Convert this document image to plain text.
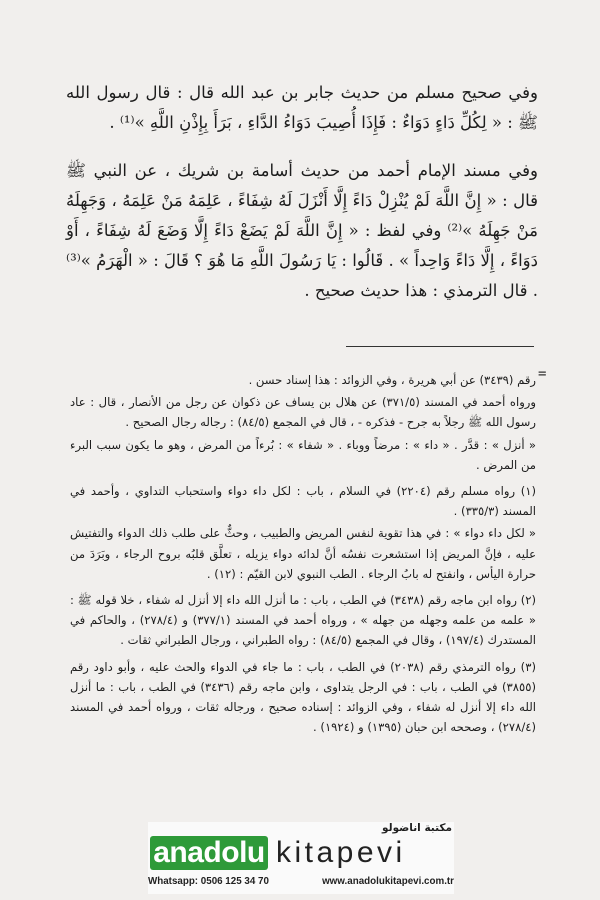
وفي صحيح مسلم من حديث جابر بن عبد الله قال : قال رسول الله ﷺ : « لِكُلِّ دَاءٍ دَوَاءٌ : فَإِذَا أُصِيبَ دَوَاءُ الدَّاءِ ، بَرَأَ بِإِذْنِ اللَّهِ »⁽¹⁾ .

وفي مسند الإمام أحمد من حديث أسامة بن شريك ، عن النبي ﷺ قال : « إِنَّ اللَّهَ لَمْ يُنْزِلْ دَاءً إِلَّا أَنْزَلَ لَهُ شِفَاءً ، عَلِمَهُ مَنْ عَلِمَهُ ، وَجَهِلَهُ مَنْ جَهِلَهُ »⁽²⁾ وفي لفظ : « إِنَّ اللَّهَ لَمْ يَضَعْ دَاءً إِلَّا وَضَعَ لَهُ شِفَاءً ، أَوْ دَوَاءً ، إِلَّا دَاءً وَاحِداً » . قَالُوا : يَا رَسُولَ اللَّهِ مَا هُوَ ؟ قَالَ : « الْهَرَمُ »⁽³⁾ . قال الترمذي : هذا حديث صحيح .

=

رقم (٣٤٣٩) عن أبي هريرة ، وفي الزوائد : هذا إسناد حسن .

ورواه أحمد في المسند (٣٧١/٥) عن هلال بن يساف عن ذكوان عن رجل من الأنصار ، قال : عاد رسول الله ﷺ رجلاً به جرح - فذكره - ، قال في المجمع (٨٤/٥) : رجاله رجال الصحيح .

« أنزل » : قدَّر . « داء » : مرضاً ووباء . « شفاء » : بُرءاً من المرض ، وهو ما يكون سبب البرء من المرض .

(١) رواه مسلم رقم (٢٢٠٤) في السلام ، باب : لكل داء دواء واستحباب التداوي ، وأحمد في المسند (٣٣٥/٣) .

« لكل داء دواء » : في هذا تقوية لنفس المريض والطبيب ، وحثٌّ على طلب ذلك الدواء والتفتيش عليه ، فإنَّ المريض إذا استشعرت نفسُه أنَّ لدائه دواء يزيله ، تعلَّق قلبُه بروح الرجاء ، وبَرَدَ من حرارة اليأس ، وانفتح له بابُ الرجاء . الطب النبوي لابن القيّم : (١٢) .

(٢) رواه ابن ماجه رقم (٣٤٣٨) في الطب ، باب : ما أنزل الله داء إلا أنزل له شفاء ، خلا قوله ﷺ : « علمه من علمه وجهله من جهله » ، ورواه أحمد في المسند (٣٧٧/١) و (٢٧٨/٤) ، والحاكم في المستدرك (١٩٧/٤) ، وقال في المجمع (٨٤/٥) : رواه الطبراني ، ورجال الطبراني ثقات .

(٣) رواه الترمذي رقم (٢٠٣٨) في الطب ، باب : ما جاء في الدواء والحث عليه ، وأبو داود رقم (٣٨٥٥) في الطب ، باب : في الرجل يتداوى ، وابن ماجه رقم (٣٤٣٦) في الطب ، باب : ما أنزل الله داء إلا أنزل له شفاء ، وفي الزوائد : إسناده صحيح ، ورجاله ثقات ، ورواه أحمد في المسند (٢٧٨/٤) ، وصححه ابن حبان (١٣٩٥) و (١٩٢٤) .

مكتبة اناضولو
anadolu kitapevi
Whatsapp: 0506 125 34 70	www.anadolukitapevi.com.tr
